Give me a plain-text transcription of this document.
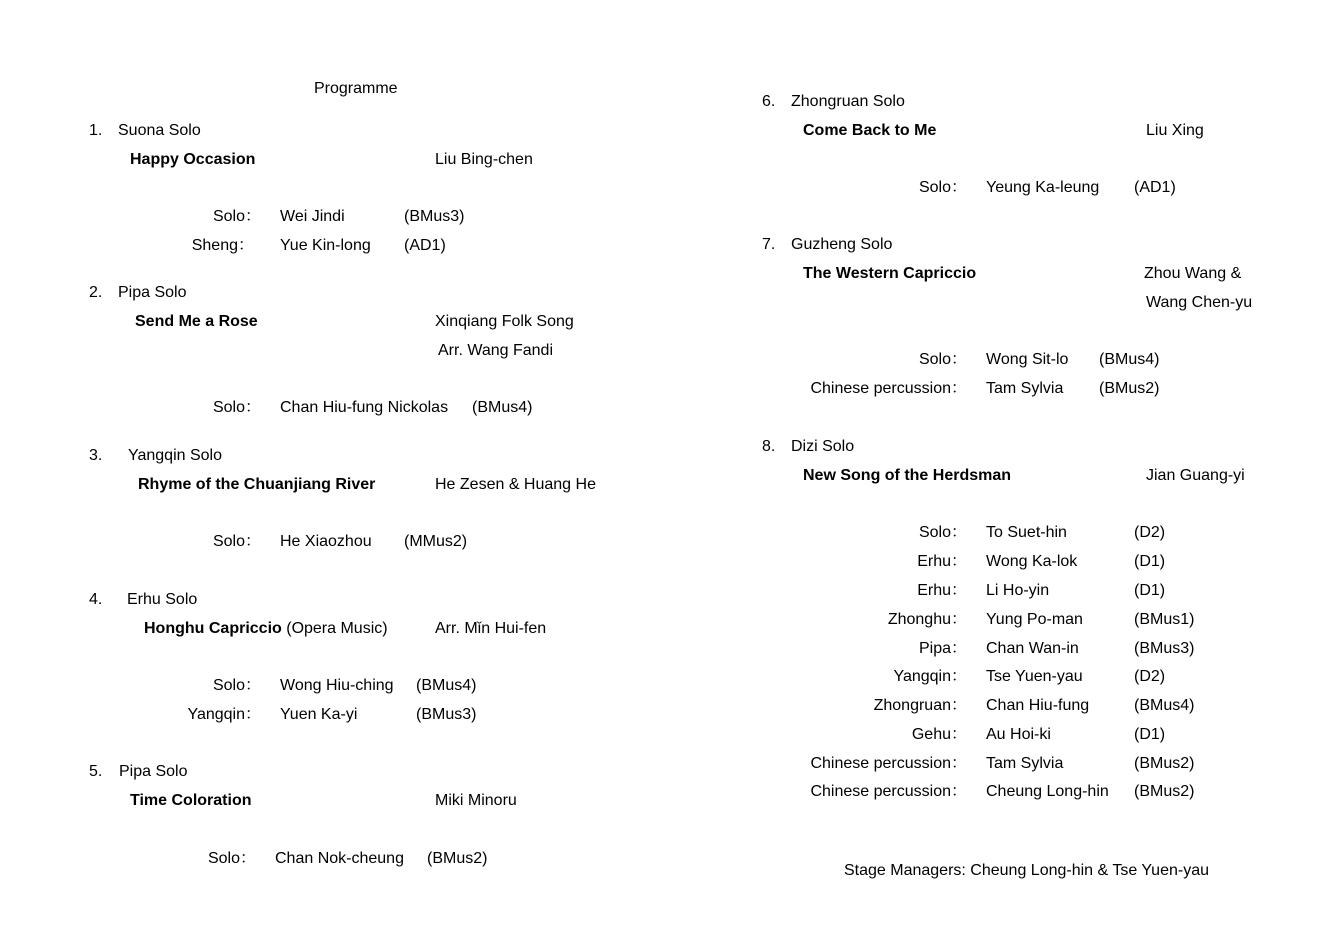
Programme
1. Suona Solo
Happy Occasion	Liu Bing-chen
Solo： Wei Jindi	(BMus3)
Sheng： Yue Kin-long (AD1)
2. Pipa Solo
Send Me a Rose	Xinqiang Folk Song
Arr. Wang Fandi
Solo： Chan Hiu-fung Nickolas (BMus4)
3. Yangqin Solo
Rhyme of the Chuanjiang River	He Zesen & Huang He
Solo： He Xiaozhou (MMus2)
4. Erhu Solo
Honghu Capriccio (Opera Music)	Arr. Mǐn Hui-fen
Solo： Wong Hiu-ching (BMus4)
Yangqin： Yuen Ka-yi	(BMus3)
5. Pipa Solo
Time Coloration	Miki Minoru
Solo： Chan Nok-cheung (BMus2)
6. Zhongruan Solo
Come Back to Me	Liu Xing
Solo： Yeung Ka-leung (AD1)
7. Guzheng Solo
The Western Capriccio	Zhou Wang &
Wang Chen-yu
Solo： Wong Sit-lo (BMus4)
Chinese percussion： Tam Sylvia (BMus2)
8. Dizi Solo
New Song of the Herdsman	Jian Guang-yi
Solo： To Suet-hin	(D2)
Erhu： Wong Ka-lok	(D1)
Erhu： Li Ho-yin	(D1)
Zhonghu： Yung Po-man	(BMus1)
Pipa： Chan Wan-in	(BMus3)
Yangqin： Tse Yuen-yau	(D2)
Zhongruan： Chan Hiu-fung	(BMus4)
Gehu： Au Hoi-ki	(D1)
Chinese percussion： Tam Sylvia	(BMus2)
Chinese percussion： Cheung Long-hin (BMus2)
Stage Managers: Cheung Long-hin & Tse Yuen-yau
